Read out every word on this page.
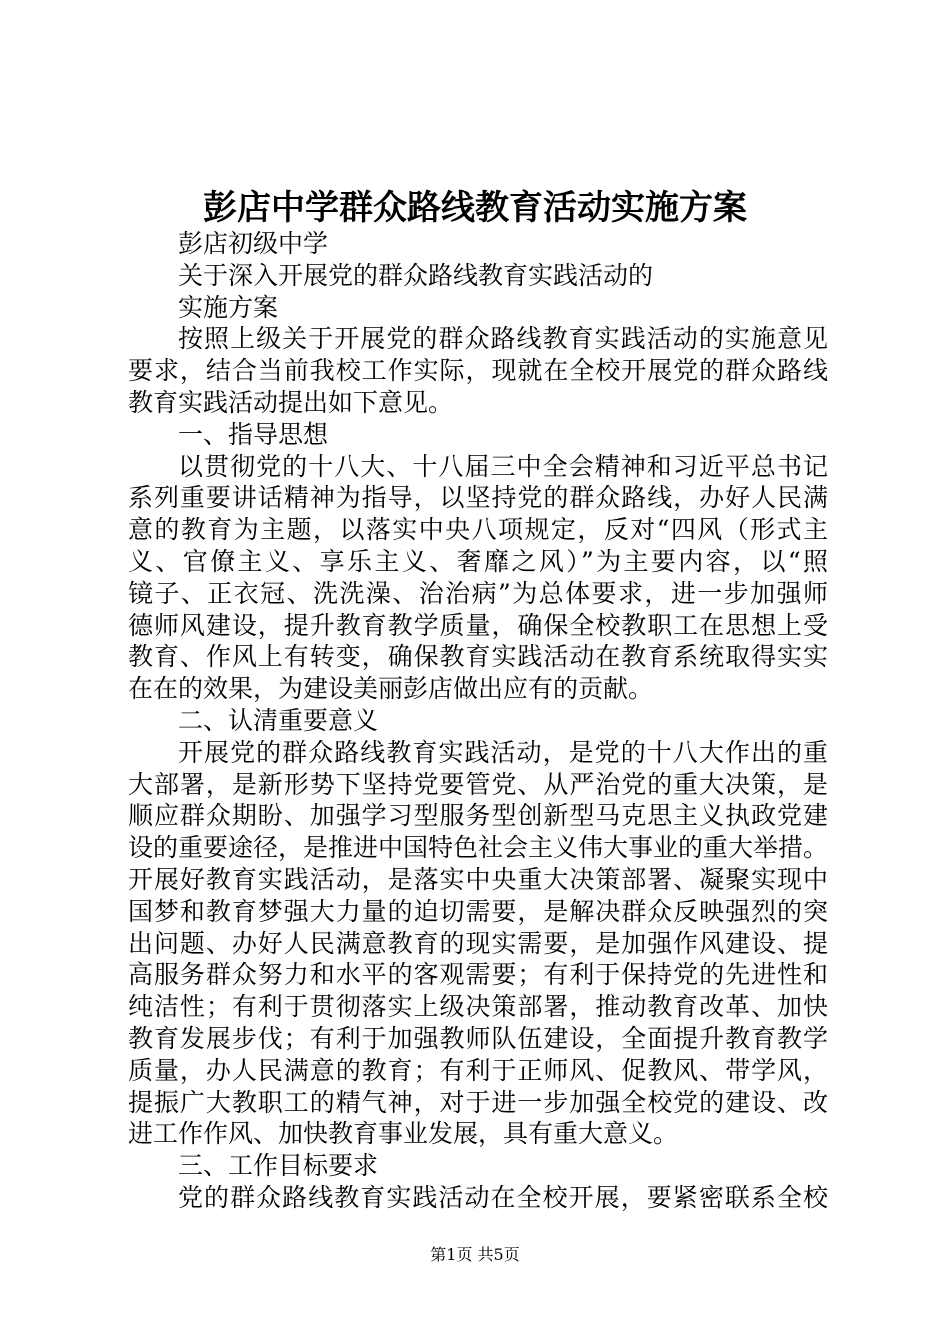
彭店中学群众路线教育活动实施方案
彭店初级中学
关于深入开展党的群众路线教育实践活动的
实施方案
按照上级关于开展党的群众路线教育实践活动的实施意见
要求，结合当前我校工作实际，现就在全校开展党的群众路线
教育实践活动提出如下意见。
一、指导思想
以贯彻党的十八大、十八届三中全会精神和习近平总书记
系列重要讲话精神为指导，以坚持党的群众路线，办好人民满
意的教育为主题，以落实中央八项规定，反对“四风（形式主
义、官僚主义、享乐主义、奢靡之风）”为主要内容，以“照
镜子、正衣冠、洗洗澡、治治病”为总体要求，进一步加强师
德师风建设，提升教育教学质量，确保全校教职工在思想上受
教育、作风上有转变，确保教育实践活动在教育系统取得实实
在在的效果，为建设美丽彭店做出应有的贡献。
二、认清重要意义
开展党的群众路线教育实践活动，是党的十八大作出的重
大部署，是新形势下坚持党要管党、从严治党的重大决策，是
顺应群众期盼、加强学习型服务型创新型马克思主义执政党建
设的重要途径，是推进中国特色社会主义伟大事业的重大举措。
开展好教育实践活动，是落实中央重大决策部署、凝聚实现中
国梦和教育梦强大力量的迫切需要，是解决群众反映强烈的突
出问题、办好人民满意教育的现实需要，是加强作风建设、提
高服务群众努力和水平的客观需要；有利于保持党的先进性和
纯洁性；有利于贯彻落实上级决策部署，推动教育改革、加快
教育发展步伐；有利于加强教师队伍建设，全面提升教育教学
质量，办人民满意的教育；有利于正师风、促教风、带学风，
提振广大教职工的精气神，对于进一步加强全校党的建设、改
进工作作风、加快教育事业发展，具有重大意义。
三、工作目标要求
党的群众路线教育实践活动在全校开展，要紧密联系全校
第1页 共5页
